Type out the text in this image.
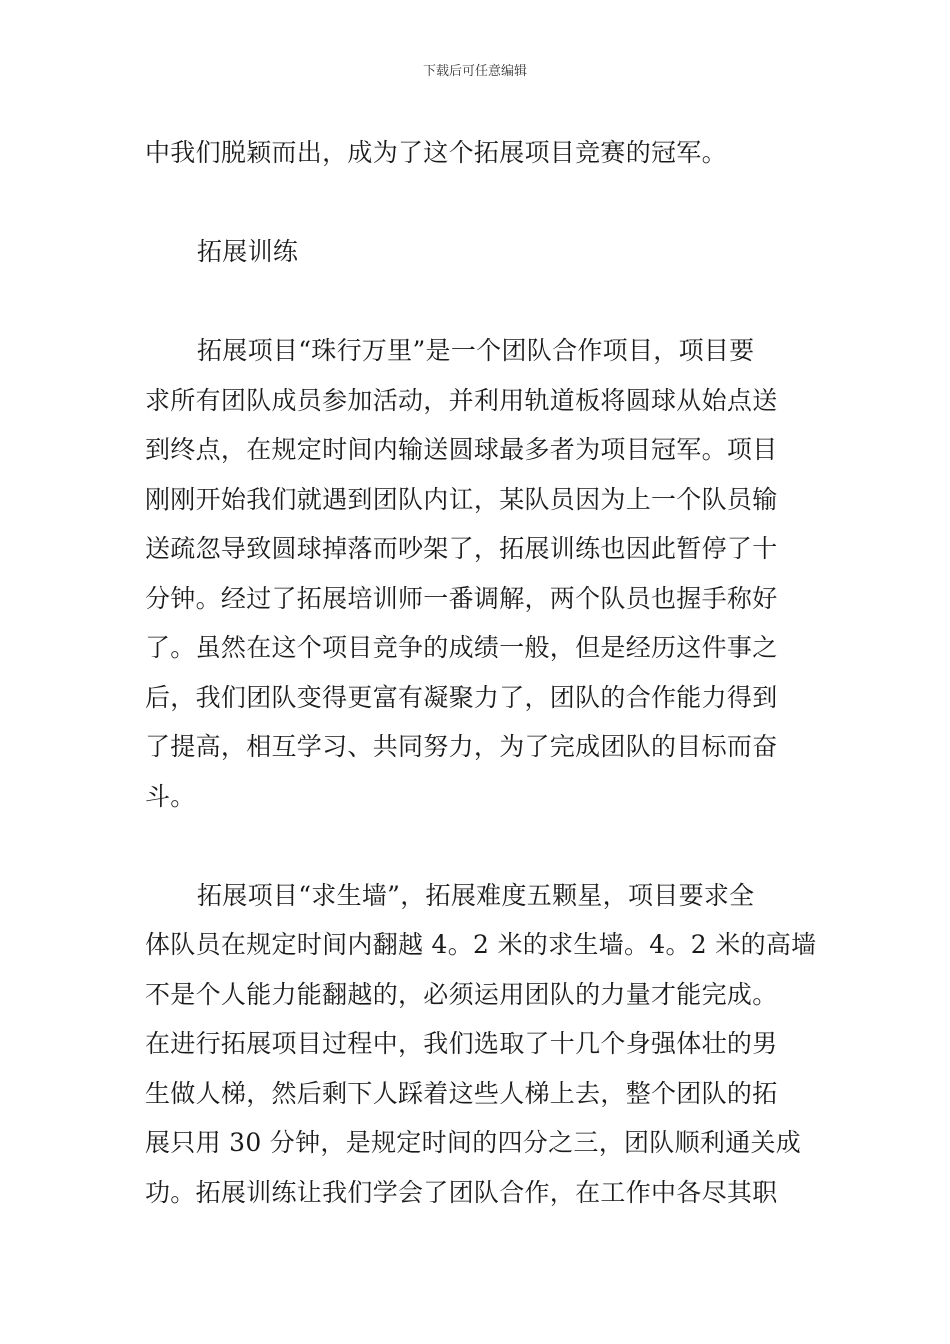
下载后可任意编辑

中我们脱颖而出，成为了这个拓展项目竞赛的冠军。

拓展训练

拓展项目“珠行万里”是一个团队合作项目，项目要
求所有团队成员参加活动，并利用轨道板将圆球从始点送
到终点，在规定时间内输送圆球最多者为项目冠军。项目
刚刚开始我们就遇到团队内讧，某队员因为上一个队员输
送疏忽导致圆球掉落而吵架了，拓展训练也因此暂停了十
分钟。经过了拓展培训师一番调解，两个队员也握手称好
了。虽然在这个项目竞争的成绩一般，但是经历这件事之
后，我们团队变得更富有凝聚力了，团队的合作能力得到
了提高，相互学习、共同努力，为了完成团队的目标而奋
斗。

拓展项目“求生墙”，拓展难度五颗星，项目要求全
体队员在规定时间内翻越 4。2 米的求生墙。4。2 米的高墙
不是个人能力能翻越的，必须运用团队的力量才能完成。
在进行拓展项目过程中，我们选取了十几个身强体壮的男
生做人梯，然后剩下人踩着这些人梯上去，整个团队的拓
展只用 30 分钟，是规定时间的四分之三，团队顺利通关成
功。拓展训练让我们学会了团队合作，在工作中各尽其职
